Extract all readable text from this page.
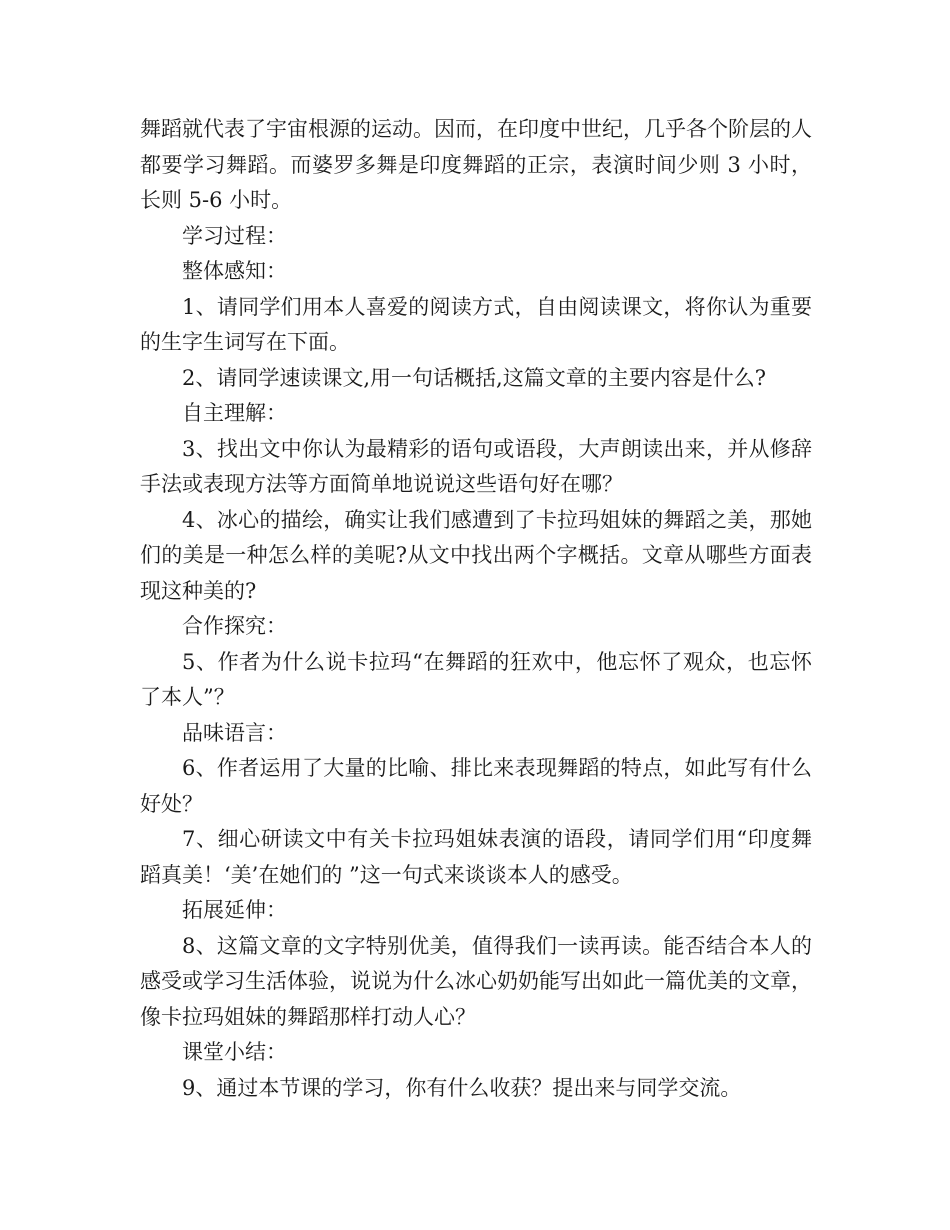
舞蹈就代表了宇宙根源的运动。因而，在印度中世纪，几乎各个阶层的人都要学习舞蹈。而婆罗多舞是印度舞蹈的正宗，表演时间少则 3 小时，长则 5-6 小时。

学习过程：

整体感知：

1、请同学们用本人喜爱的阅读方式，自由阅读课文，将你认为重要的生字生词写在下面。

2、请同学速读课文,用一句话概括,这篇文章的主要内容是什么?

自主理解：

3、找出文中你认为最精彩的语句或语段，大声朗读出来，并从修辞手法或表现方法等方面简单地说说这些语句好在哪？

4、冰心的描绘，确实让我们感遭到了卡拉玛姐妹的舞蹈之美，那她们的美是一种怎么样的美呢?从文中找出两个字概括。文章从哪些方面表现这种美的?

合作探究：

5、作者为什么说卡拉玛“在舞蹈的狂欢中，他忘怀了观众，也忘怀了本人”？

品味语言：

6、作者运用了大量的比喻、排比来表现舞蹈的特点，如此写有什么好处？

7、细心研读文中有关卡拉玛姐妹表演的语段，请同学们用“印度舞蹈真美！‘美’在她们的 ”这一句式来谈谈本人的感受。

拓展延伸：

8、这篇文章的文字特别优美，值得我们一读再读。能否结合本人的感受或学习生活体验，说说为什么冰心奶奶能写出如此一篇优美的文章，像卡拉玛姐妹的舞蹈那样打动人心？

课堂小结：

9、通过本节课的学习，你有什么收获？提出来与同学交流。
